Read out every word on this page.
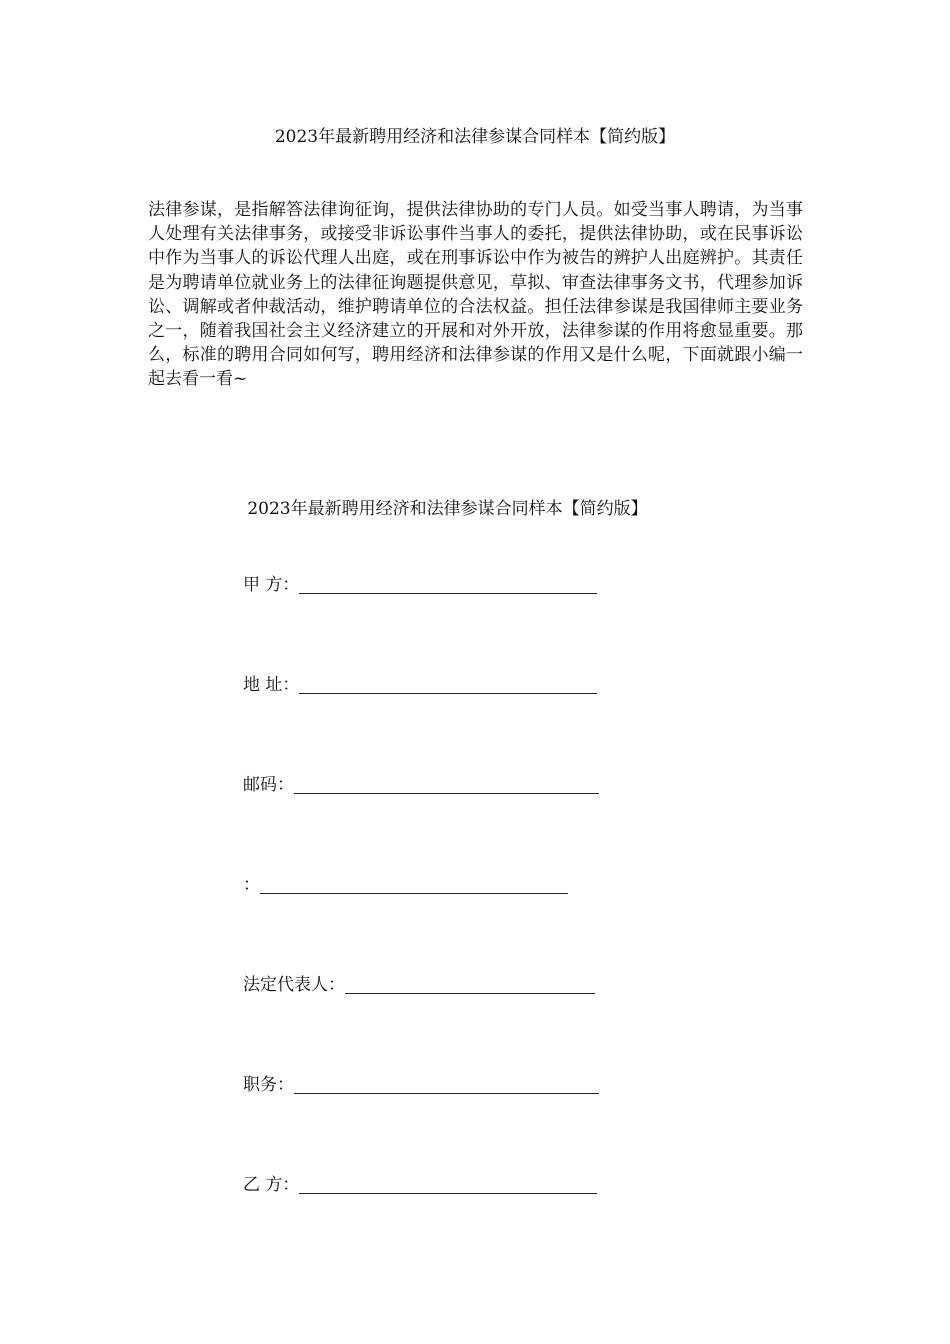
2023年最新聘用经济和法律参谋合同样本【简约版】
法律参谋，是指解答法律询征询，提供法律协助的专门人员。如受当事人聘请，为当事人处理有关法律事务，或接受非诉讼事件当事人的委托，提供法律协助，或在民事诉讼中作为当事人的诉讼代理人出庭，或在刑事诉讼中作为被告的辨护人出庭辨护。其责任是为聘请单位就业务上的法律征询题提供意见，草拟、审查法律事务文书，代理参加诉讼、调解或者仲裁活动，维护聘请单位的合法权益。担任法律参谋是我国律师主要业务之一，随着我国社会主义经济建立的开展和对外开放，法律参谋的作用将愈显重要。那么，标准的聘用合同如何写，聘用经济和法律参谋的作用又是什么呢，下面就跟小编一起去看一看~
2023年最新聘用经济和法律参谋合同样本【简约版】
甲 方：
地 址：
邮码：
：
法定代表人：
职务：
乙 方：
